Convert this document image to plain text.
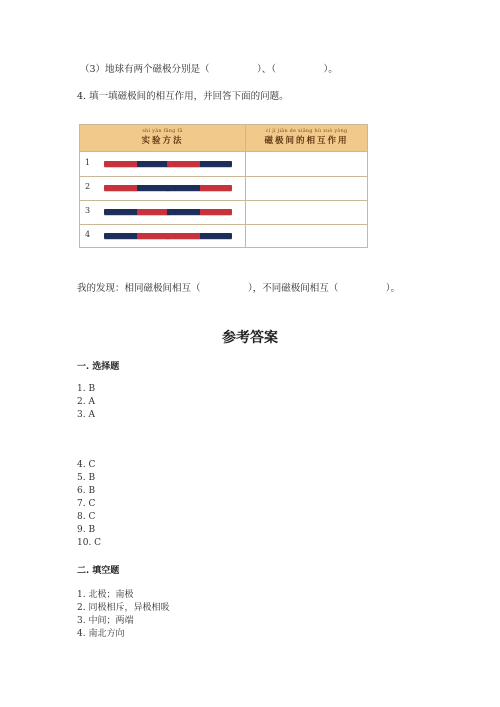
（3）地球有两个磁极分别是（　　　　　）、（　　　　　）。
4. 填一填磁极间的相互作用，并回答下面的问题。
shí yàn fāng fǎ
实验方法
cí jí jiān de xiāng hù zuò yòng
磁极间的相互作用
1
2
3
4
我的发现：相同磁极间相互（　　　　　），不同磁极间相互（　　　　　）。
参考答案
一. 选择题
1. B
2. A
3. A
4. C
5. B
6. B
7. C
8. C
9. B
10. C
二. 填空题
1. 北极；南极
2. 同极相斥，异极相吸
3. 中间；两端
4. 南北方向
